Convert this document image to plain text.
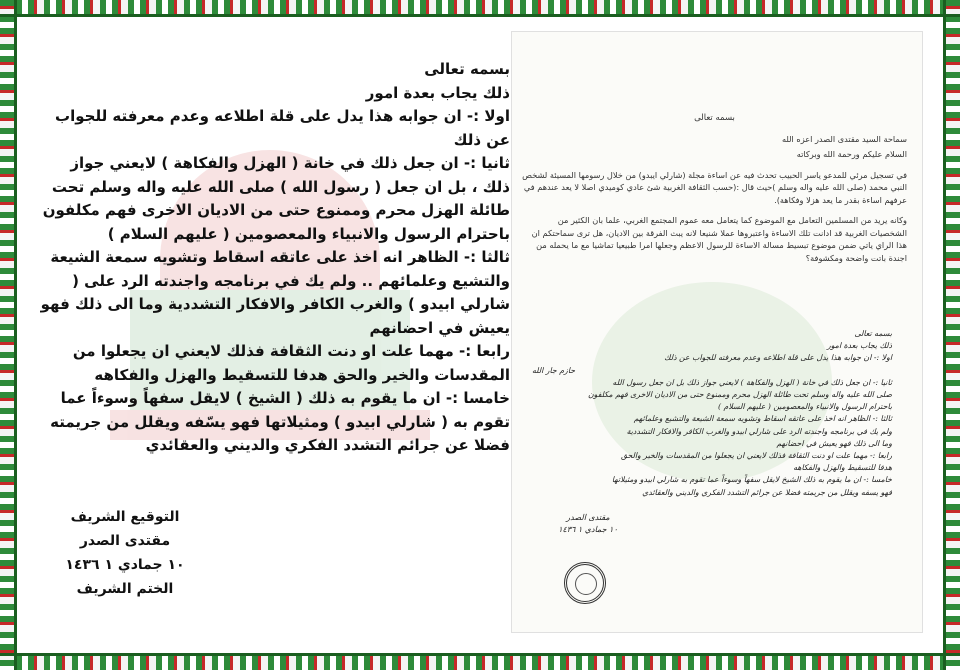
بسمه تعالى

ذلك يجاب بعدة امور

اولا :- ان جوابه هذا يدل على قلة اطلاعه وعدم معرفته للجواب عن ذلك

ثانيا :- ان جعل ذلك في خانة ( الهزل والفكاهة ) لايعني جواز ذلك ، بل ان جعل ( رسول الله ) صلى الله عليه واله وسلم تحت طائلة الهزل محرم وممنوع حتى من الاديان الاخرى فهم مكلفون باحترام الرسول والانبياء والمعصومين ( عليهم السلام )

ثالثا :- الظاهر انه اخذ على عاتقه اسقاط وتشويه سمعة الشيعة والتشيع وعلمائهم .. ولم يك في برنامجه واجندته الرد على ( شارلي ابيدو ) والغرب الكافر والافكار التشددية وما الى ذلك فهو يعيش في احضانهم

رابعا :- مهما علت او دنت الثقافة فذلك لايعني ان يجعلوا من المقدسات والخير والحق هدفا للتسقيط والهزل والفكاهه

خامسا :- ان ما يقوم به ذلك ( الشيخ ) لايقل سفهاً وسوءاً عما تقوم به ( شارلي ابيدو ) ومثيلاتها فهو يسّفه ويقلل من جريمته فضلا عن جرائم التشدد الفكري والديني والعقائدي

التوقيع الشريف

مقتدى الصدر

١٠ جمادي ١ ١٤٣٦

الختم الشريف

بسمه تعالى

سماحة السيد مقتدى الصدر اعزه الله

السلام عليكم ورحمة الله وبركاته

في تسجيل مرئي للمدعو ياسر الحبيب تحدث فيه عن اساءة مجلة (شارلي ايبدو) من خلال رسومها المسيئة لشخص النبي محمد (صلى الله عليه واله وسلم )حيث قال :(حسب الثقافة الغربية شئ عادي كوميدي اصلا لا يعد عندهم في عرفهم اساءة بقدر ما يعد هزلا وفكاهة).

وكانه يريد من المسلمين التعامل مع الموضوع كما يتعامل معه عموم المجتمع الغربي، علما بان الكثير من الشخصيات الغربية قد ادانت تلك الاساءة واعتبروها عملا شنيعا لانه يبث الفرقة بين الاديان، هل ترى سماحتكم ان هذا الراي ياتي ضمن موضوع تبسيط مسالة الاساءة للرسول الاعظم وجعلها امرا طبيعيا تماشيا مع ما يحمله من اجندة باتت واضحة ومكشوفة؟

بسمه تعالى

ذلك يجاب بعدة امور

اولا :- ان جوابه هذا يدل على قلة اطلاعه وعدم معرفته للجواب عن ذلك

حازم جار الله

ثانيا :- ان جعل ذلك في خانة ( الهزل والفكاهة ) لايعني جواز ذلك بل ان جعل رسول الله

صلى الله عليه واله وسلم تحت طائلة الهزل محرم وممنوع حتى من الاديان الاخرى فهم مكلفون

باحترام الرسول والانبياء والمعصومين ( عليهم السلام )

ثالثا :- الظاهر انه اخذ على عاتقه اسقاط وتشويه سمعة الشيعة والتشيع وعلمائهم

ولم يك في برنامجه واجندته الرد على شارلي ابيدو والغرب الكافر والافكار التشددية

وما الى ذلك فهو يعيش في احضانهم

رابعا :- مهما علت او دنت الثقافة فذلك لايعني ان يجعلوا من المقدسات والخير والحق

هدفا للتسقيط والهزل والفكاهه

خامسا :- ان ما يقوم به ذلك الشيخ لايقل سفهاً وسوءاً عما تقوم به شارلي ابيدو ومثيلاتها

فهو يسفه ويقلل من جريمته فضلا عن جرائم التشدد الفكري والديني والعقائدي

مقتدى الصدر

١٠ جمادي ١ ١٤٣٦
